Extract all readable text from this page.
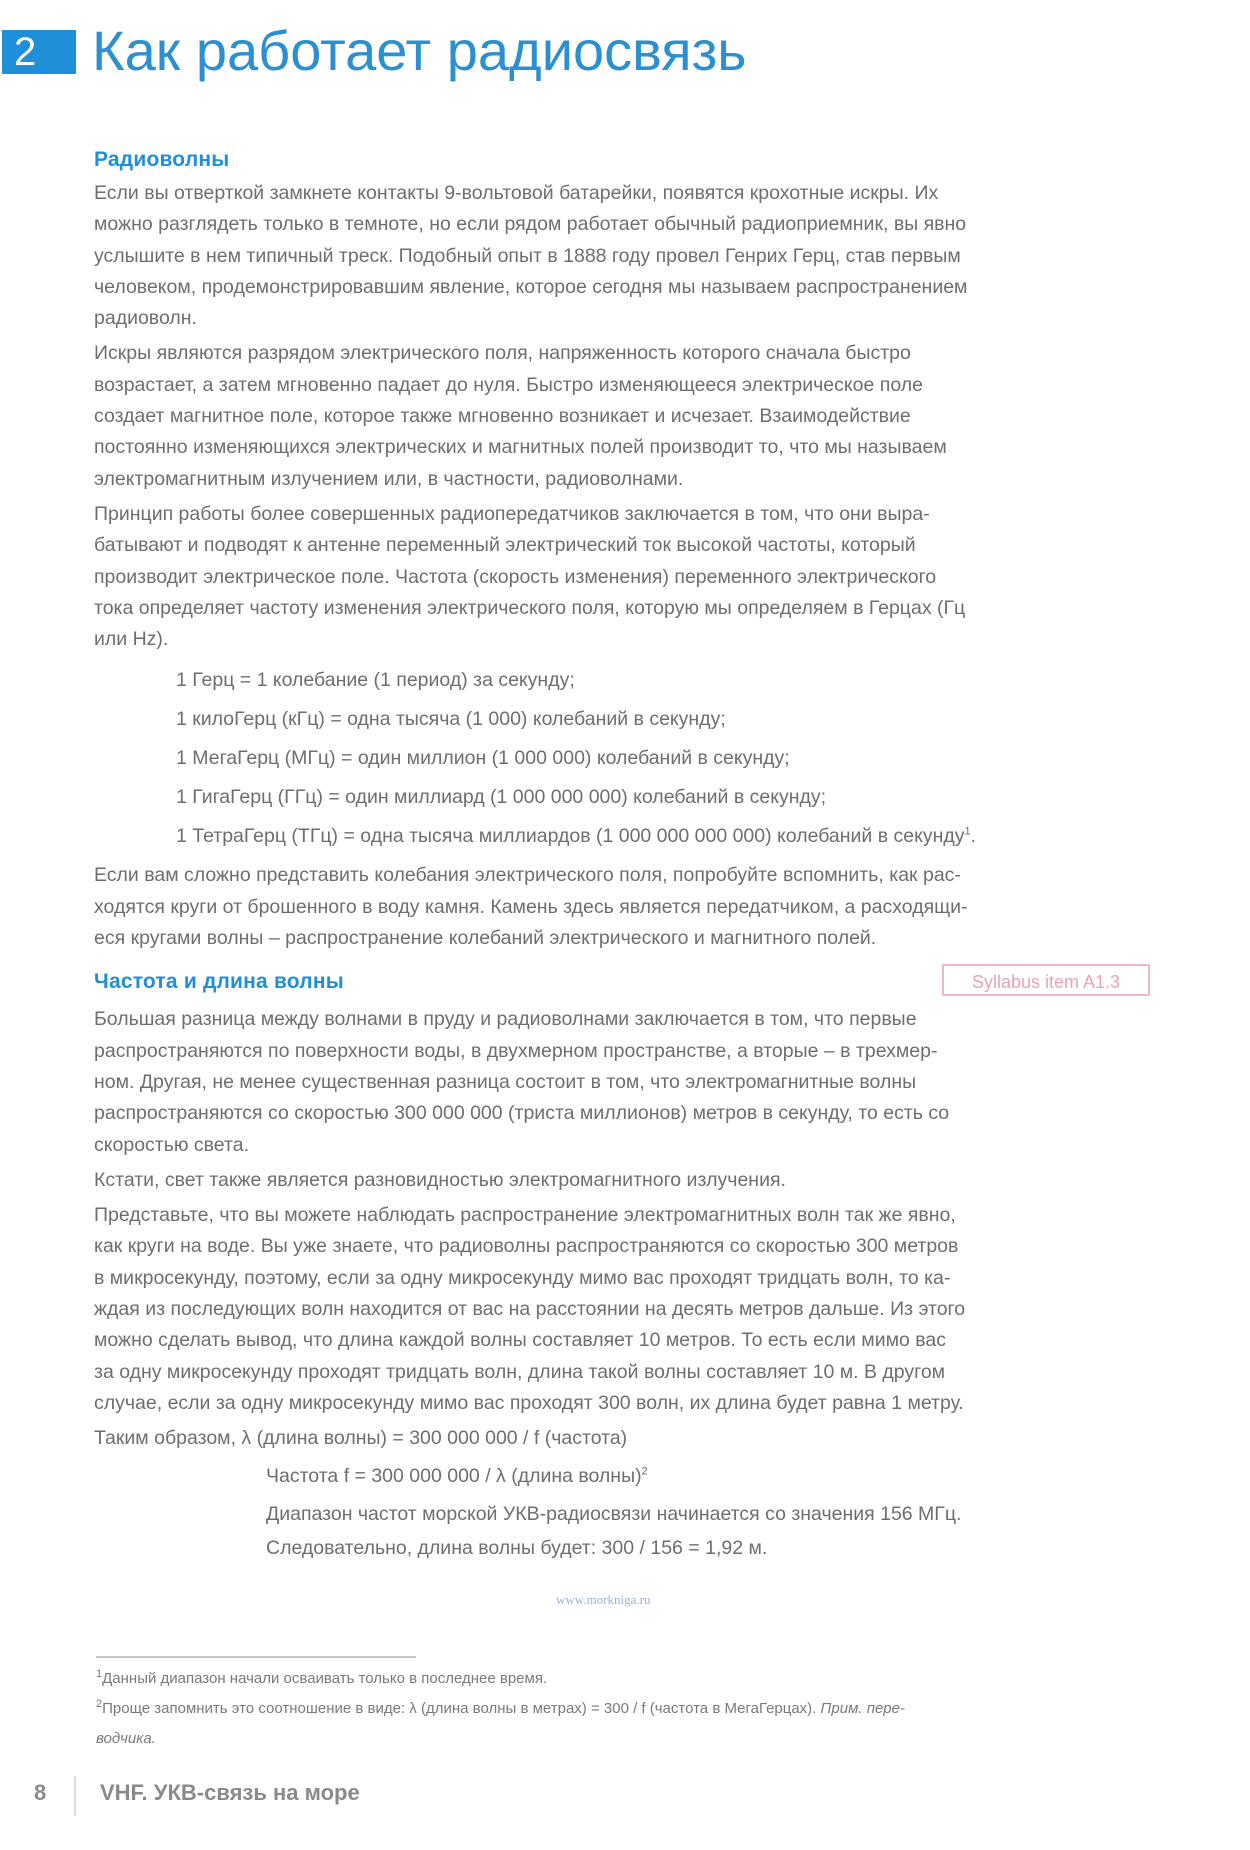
2 Как работает радиосвязь
Радиоволны

Если вы отверткой замкнете контакты 9-вольтовой батарейки, появятся крохотные искры. Их
можно разглядеть только в темноте, но если рядом работает обычный радиоприемник, вы явно
услышите в нем типичный треск. Подобный опыт в 1888 году провел Генрих Герц, став первым
человеком, продемонстрировавшим явление, которое сегодня мы называем распространением
радиоволн.

Искры являются разрядом электрического поля, напряженность которого сначала быстро
возрастает, а затем мгновенно падает до нуля. Быстро изменяющееся электрическое поле
создает магнитное поле, которое также мгновенно возникает и исчезает. Взаимодействие
постоянно изменяющихся электрических и магнитных полей производит то, что мы называем
электромагнитным излучением или, в частности, радиоволнами.

Принцип работы более совершенных радиопередатчиков заключается в том, что они выра-
батывают и подводят к антенне переменный электрический ток высокой частоты, который
производит электрическое поле. Частота (скорость изменения) переменного электрического
тока определяет частоту изменения электрического поля, которую мы определяем в Герцах (Гц
или Hz).

1 Герц = 1 колебание (1 период) за секунду;
1 килоГерц (кГц) = одна тысяча (1 000) колебаний в секунду;
1 МегаГерц (МГц) = один миллион (1 000 000) колебаний в секунду;
1 ГигаГерц (ГГц) = один миллиард (1 000 000 000) колебаний в секунду;
1 ТетраГерц (ТГц) = одна тысяча миллиардов (1 000 000 000 000) колебаний в секунду$^1$.

Если вам сложно представить колебания электрического поля, попробуйте вспомнить, как рас-
ходятся круги от брошенного в воду камня. Камень здесь является передатчиком, а расходящи-
еся кругами волны – распространение колебаний электрического и магнитного полей.

Частота и длина волны	Syllabus item A1.3

Большая разница между волнами в пруду и радиоволнами заключается в том, что первые
распространяются по поверхности воды, в двухмерном пространстве, а вторые – в трехмер-
ном. Другая, не менее существенная разница состоит в том, что электромагнитные волны
распространяются со скоростью 300 000 000 (триста миллионов) метров в секунду, то есть со
скоростью света.

Кстати, свет также является разновидностью электромагнитного излучения.

Представьте, что вы можете наблюдать распространение электромагнитных волн так же явно,
как круги на воде. Вы уже знаете, что радиоволны распространяются со скоростью 300 метров
в микросекунду, поэтому, если за одну микросекунду мимо вас проходят тридцать волн, то ка-
ждая из последующих волн находится от вас на расстоянии на десять метров дальше. Из этого
можно сделать вывод, что длина каждой волны составляет 10 метров. То есть если мимо вас
за одну микросекунду проходят тридцать волн, длина такой волны составляет 10 м. В другом
случае, если за одну микросекунду мимо вас проходят 300 волн, их длина будет равна 1 метру.

Таким образом, λ (длина волны) = 300 000 000 / f (частота)
Частота f = 300 000 000 / λ (длина волны)$^2$
Диапазон частот морской УКВ-радиосвязи начинается со значения 156 МГц.
Следовательно, длина волны будет: 300 / 156 = 1,92 м.
www.morkniga.ru
$^1$Данный диапазон начали осваивать только в последнее время.
$^2$Проще запомнить это соотношение в виде: λ (длина волны в метрах) = 300 / f (частота в МегаГерцах). Прим. пере-
водчика.
8 VHF. УКВ-связь на море
